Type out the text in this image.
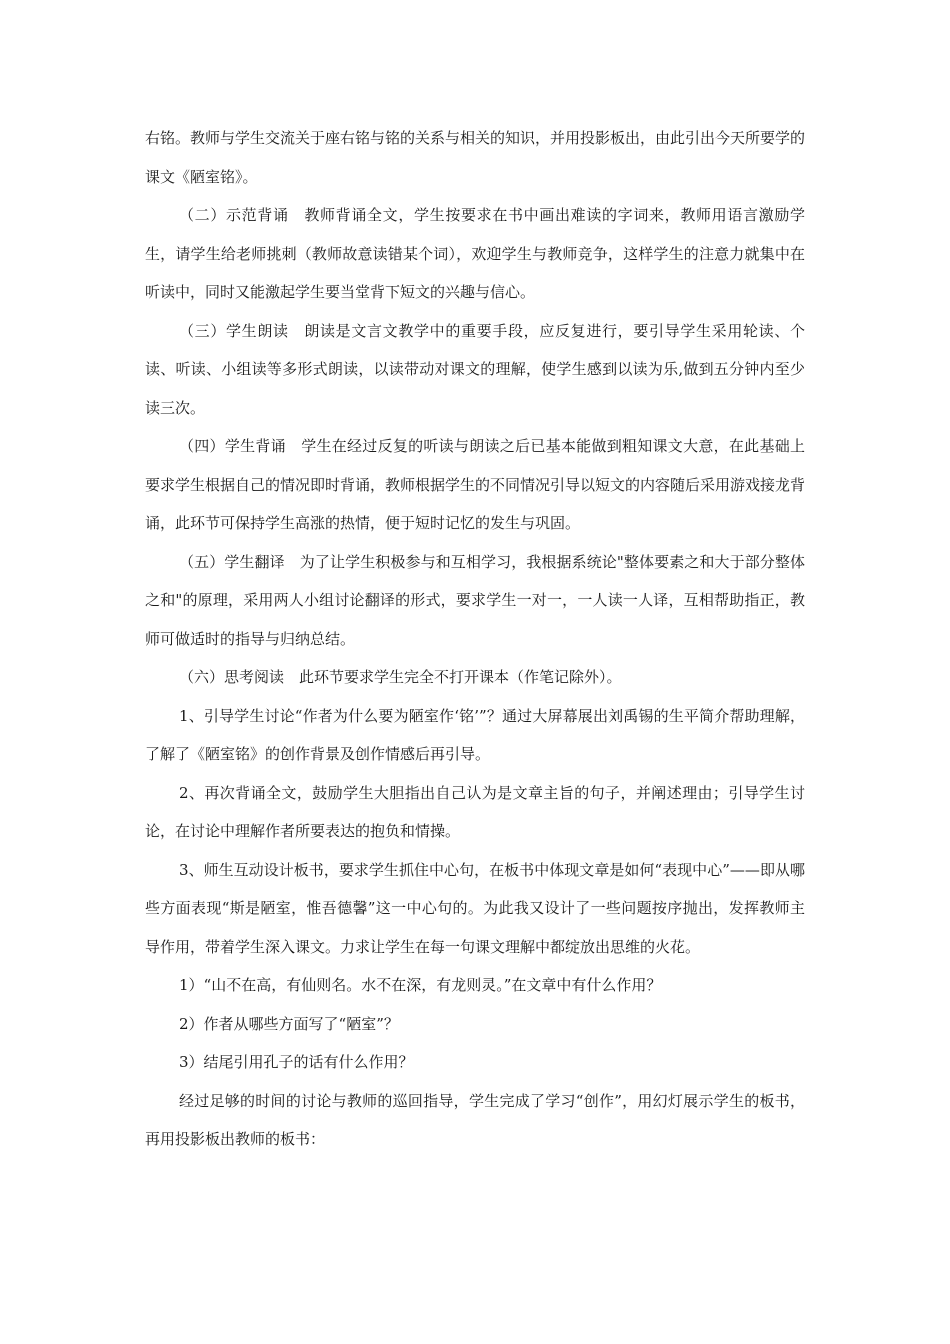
右铭。教师与学生交流关于座右铭与铭的关系与相关的知识，并用投影板出，由此引出今天所要学的课文《陋室铭》。

（二）示范背诵　教师背诵全文，学生按要求在书中画出难读的字词来，教师用语言激励学生，请学生给老师挑刺（教师故意读错某个词），欢迎学生与教师竞争，这样学生的注意力就集中在听读中，同时又能激起学生要当堂背下短文的兴趣与信心。

（三）学生朗读　朗读是文言文教学中的重要手段，应反复进行，要引导学生采用轮读、个读、听读、小组读等多形式朗读，以读带动对课文的理解，使学生感到以读为乐,做到五分钟内至少读三次。

（四）学生背诵　学生在经过反复的听读与朗读之后已基本能做到粗知课文大意，在此基础上要求学生根据自己的情况即时背诵，教师根据学生的不同情况引导以短文的内容随后采用游戏接龙背诵，此环节可保持学生高涨的热情，便于短时记忆的发生与巩固。

（五）学生翻译　为了让学生积极参与和互相学习，我根据系统论"整体要素之和大于部分整体之和"的原理，采用两人小组讨论翻译的形式，要求学生一对一，一人读一人译，互相帮助指正，教师可做适时的指导与归纳总结。

（六）思考阅读　此环节要求学生完全不打开课本（作笔记除外）。

1、引导学生讨论“作者为什么要为陋室作‘铭’”？通过大屏幕展出刘禹锡的生平简介帮助理解，了解了《陋室铭》的创作背景及创作情感后再引导。

2、再次背诵全文，鼓励学生大胆指出自己认为是文章主旨的句子，并阐述理由；引导学生讨论，在讨论中理解作者所要表达的抱负和情操。

3、师生互动设计板书，要求学生抓住中心句，在板书中体现文章是如何“表现中心”——即从哪些方面表现“斯是陋室，惟吾德馨”这一中心句的。为此我又设计了一些问题按序抛出，发挥教师主导作用，带着学生深入课文。力求让学生在每一句课文理解中都绽放出思维的火花。

1）“山不在高，有仙则名。水不在深，有龙则灵。”在文章中有什么作用？

2）作者从哪些方面写了“陋室”？

3）结尾引用孔子的话有什么作用？

经过足够的时间的讨论与教师的巡回指导，学生完成了学习“创作”，用幻灯展示学生的板书，再用投影板出教师的板书：
